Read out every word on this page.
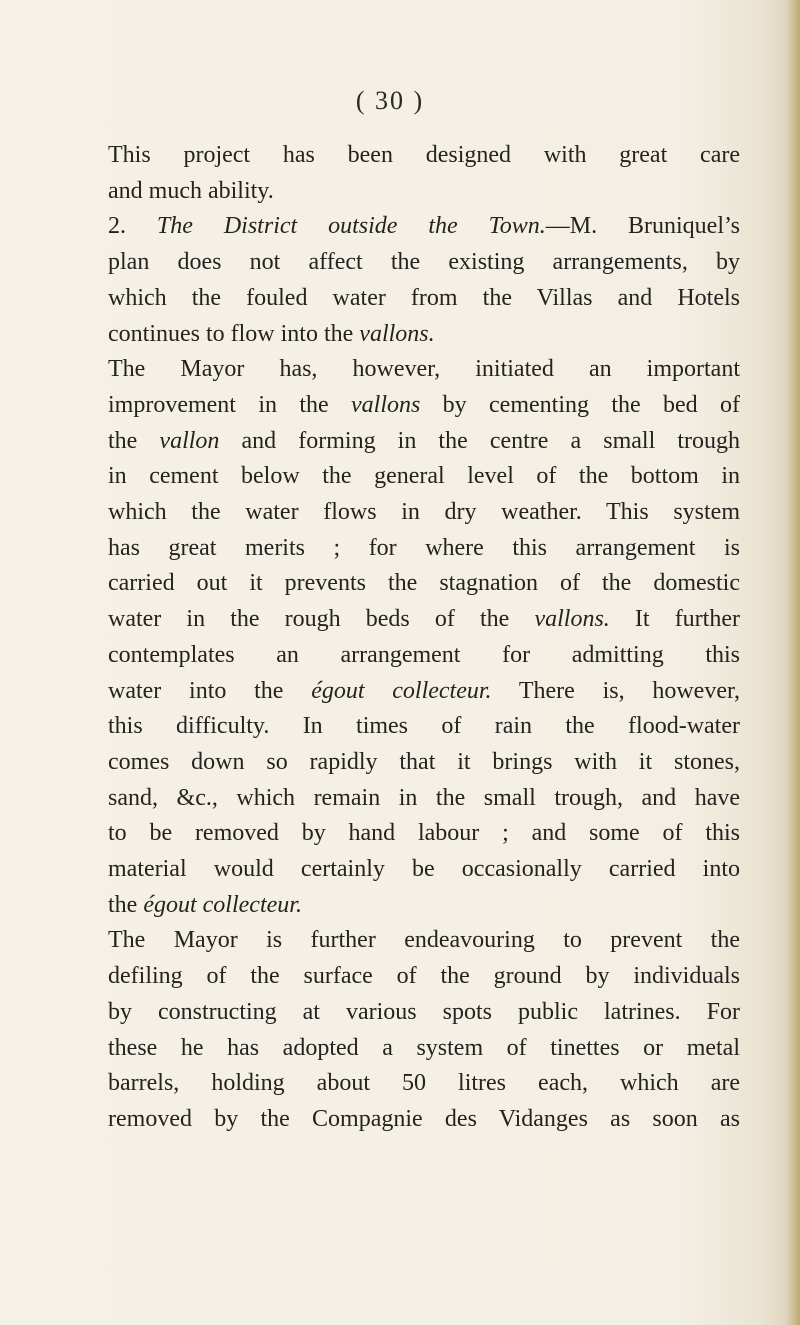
( 30 )
This project has been designed with great care
and much ability.
2. The District outside the Town.—M. Bruniquel’s
plan does not affect the existing arrangements, by
which the fouled water from the Villas and Hotels
continues to flow into the vallons.
The Mayor has, however, initiated an important
improvement in the vallons by cementing the bed of
the vallon and forming in the centre a small trough
in cement below the general level of the bottom in
which the water flows in dry weather. This system
has great merits ; for where this arrangement is
carried out it prevents the stagnation of the domestic
water in the rough beds of the vallons. It further
contemplates an arrangement for admitting this
water into the égout collecteur. There is, however,
this difficulty. In times of rain the flood-water
comes down so rapidly that it brings with it stones,
sand, &c., which remain in the small trough, and have
to be removed by hand labour ; and some of this
material would certainly be occasionally carried into
the égout collecteur.
The Mayor is further endeavouring to prevent the
defiling of the surface of the ground by individuals
by constructing at various spots public latrines. For
these he has adopted a system of tinettes or metal
barrels, holding about 50 litres each, which are
removed by the Compagnie des Vidanges as soon as
